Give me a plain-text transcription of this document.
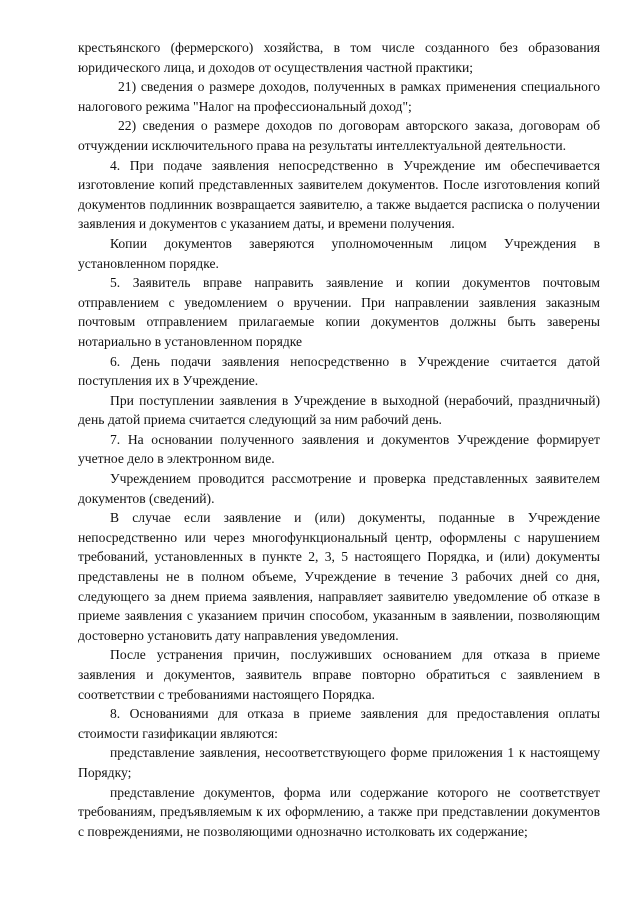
крестьянского (фермерского) хозяйства, в том числе созданного без образования юридического лица, и доходов от осуществления частной практики;

21) сведения о размере доходов, полученных в рамках применения специального налогового режима "Налог на профессиональный доход";

22) сведения о размере доходов по договорам авторского заказа, договорам об отчуждении исключительного права на результаты интеллектуальной деятельности.

4. При подаче заявления непосредственно в Учреждение им обеспечивается изготовление копий представленных заявителем документов. После изготовления копий документов подлинник возвращается заявителю, а также выдается расписка о получении заявления и документов с указанием даты, и времени получения.

Копии документов заверяются уполномоченным лицом Учреждения в установленном порядке.

5. Заявитель вправе направить заявление и копии документов почтовым отправлением с уведомлением о вручении. При направлении заявления заказным почтовым отправлением прилагаемые копии документов должны быть заверены нотариально в установленном порядке

6. День подачи заявления непосредственно в Учреждение считается датой поступления их в Учреждение.

При поступлении заявления в Учреждение в выходной (нерабочий, праздничный) день датой приема считается следующий за ним рабочий день.

7. На основании полученного заявления и документов Учреждение формирует учетное дело в электронном виде.

Учреждением проводится рассмотрение и проверка представленных заявителем документов (сведений).

В случае если заявление и (или) документы, поданные в Учреждение непосредственно или через многофункциональный центр, оформлены с нарушением требований, установленных в пункте 2, 3, 5 настоящего Порядка, и (или) документы представлены не в полном объеме, Учреждение в течение 3 рабочих дней со дня, следующего за днем приема заявления, направляет заявителю уведомление об отказе в приеме заявления с указанием причин способом, указанным в заявлении, позволяющим достоверно установить дату направления уведомления.

После устранения причин, послуживших основанием для отказа в приеме заявления и документов, заявитель вправе повторно обратиться с заявлением в соответствии с требованиями настоящего Порядка.

8. Основаниями для отказа в приеме заявления для предоставления оплаты стоимости газификации являются:

представление заявления, несоответствующего форме приложения 1 к настоящему Порядку;

представление документов, форма или содержание которого не соответствует требованиям, предъявляемым к их оформлению, а также при представлении документов с повреждениями, не позволяющими однозначно истолковать их содержание;
